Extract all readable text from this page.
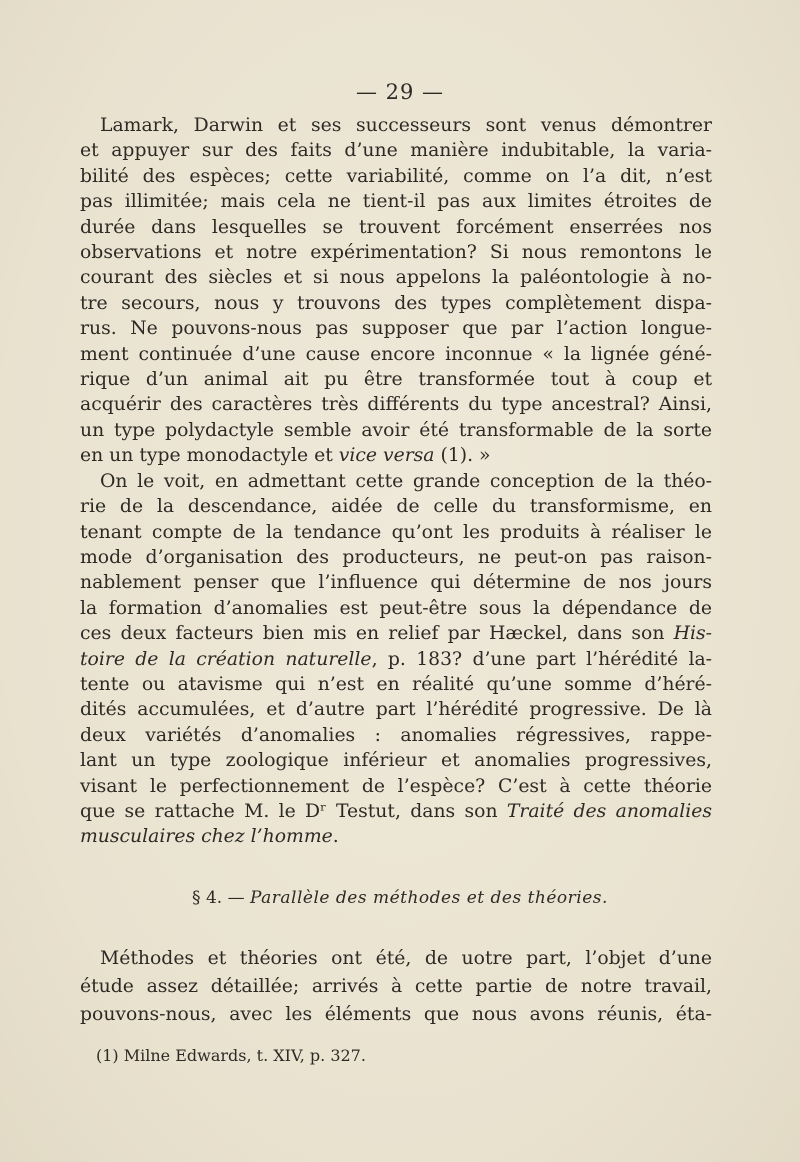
— 29 —
Lamark, Darwin et ses successeurs sont venus démontrer
et appuyer sur des faits d’une manière indubitable, la varia-
bilité des espèces; cette variabilité, comme on l’a dit, n’est
pas illimitée; mais cela ne tient-il pas aux limites étroites de
durée dans lesquelles se trouvent forcément enserrées nos
observations et notre expérimentation? Si nous remontons le
courant des siècles et si nous appelons la paléontologie à no-
tre secours, nous y trouvons des types complètement dispa-
rus. Ne pouvons-nous pas supposer que par l’action longue-
ment continuée d’une cause encore inconnue « la lignée géné-
rique d’un animal ait pu être transformée tout à coup et
acquérir des caractères très différents du type ancestral? Ainsi,
un type polydactyle semble avoir été transformable de la sorte
en un type monodactyle et vice versa (1). »
On le voit, en admettant cette grande conception de la théo-
rie de la descendance, aidée de celle du transformisme, en
tenant compte de la tendance qu’ont les produits à réaliser le
mode d’organisation des producteurs, ne peut-on pas raison-
nablement penser que l’influence qui détermine de nos jours
la formation d’anomalies est peut-être sous la dépendance de
ces deux facteurs bien mis en relief par Hæckel, dans son His-
toire de la création naturelle, p. 183? d’une part l’hérédité la-
tente ou atavisme qui n’est en réalité qu’une somme d’héré-
dités accumulées, et d’autre part l’hérédité progressive. De là
deux variétés d’anomalies : anomalies régressives, rappe-
lant un type zoologique inférieur et anomalies progressives,
visant le perfectionnement de l’espèce? C’est à cette théorie
que se rattache M. le Dʳ Testut, dans son Traité des anomalies
musculaires chez l’homme.
§ 4. — Parallèle des méthodes et des théories.
Méthodes et théories ont été, de uotre part, l’objet d’une
étude assez détaillée; arrivés à cette partie de notre travail,
pouvons-nous, avec les éléments que nous avons réunis, éta-
(1) Milne Edwards, t. XIV, p. 327.
